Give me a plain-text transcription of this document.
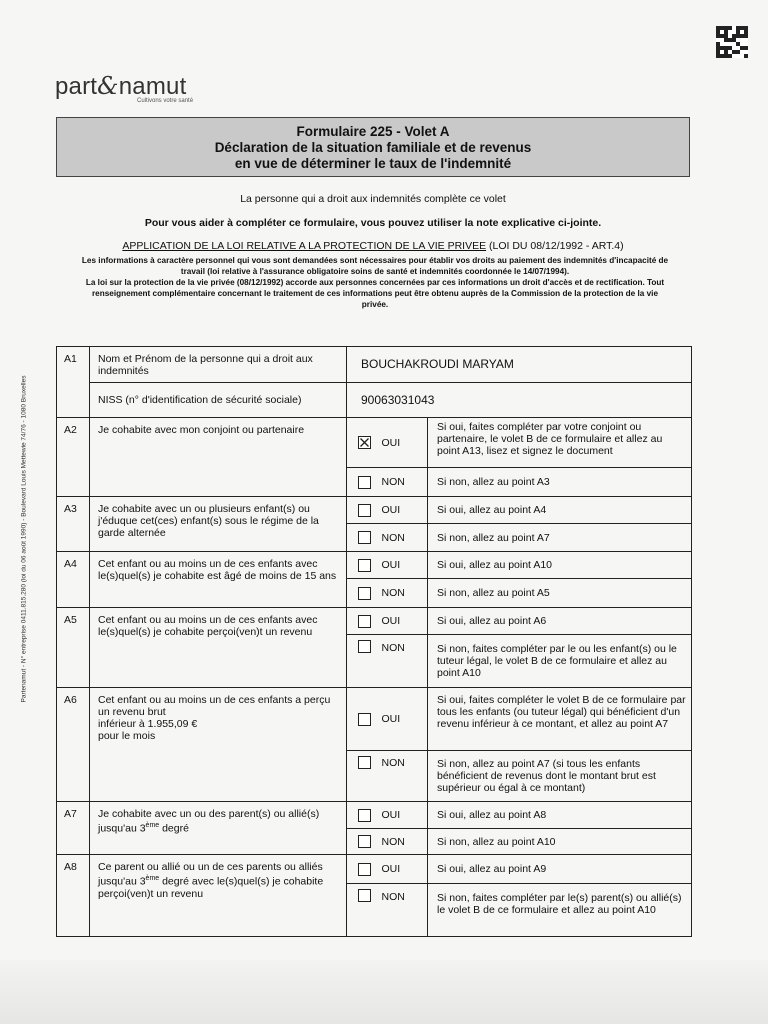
part&namut
Cultivons votre santé
Partenamut - N° entreprise 0411.815.280 (loi du 06 août 1990) - Boulevard Louis Mettewie 74/76 - 1080 Bruxelles
Formulaire 225 - Volet A
Déclaration de la situation familiale et de revenus
en vue de déterminer le taux de l'indemnité
La personne qui a droit aux indemnités complète ce volet
Pour vous aider à compléter ce formulaire, vous pouvez utiliser la note explicative ci-jointe.
APPLICATION DE LA LOI RELATIVE A LA PROTECTION DE LA VIE PRIVEE (LOI DU 08/12/1992 - ART.4)
Les informations à caractère personnel qui vous sont demandées sont nécessaires pour établir vos droits au paiement des indemnités d'incapacité de travail (loi relative à l'assurance obligatoire soins de santé et indemnités coordonnée le 14/07/1994).
La loi sur la protection de la vie privée (08/12/1992) accorde aux personnes concernées par ces informations un droit d'accès et de rectification. Tout renseignement complémentaire concernant le traitement de ces informations peut être obtenu auprès de la Commission de la protection de la vie privée.
A1	Nom et Prénom de la personne qui a droit aux indemnités	BOUCHAKROUDI MARYAM		
	NISS (n° d'identification de sécurité sociale)	90063031043		
A2	Je cohabite avec mon conjoint ou partenaire		OUI	Si oui, faites compléter par votre conjoint ou partenaire, le volet B de ce formulaire et allez au point A13, lisez et signez le document
			NON	Si non, allez au point A3
A3	Je cohabite avec un ou plusieurs enfant(s) ou j'éduque cet(ces) enfant(s) sous le régime de la garde alternée		OUI	Si oui, allez au point A4
			NON	Si non, allez au point A7
A4	Cet enfant ou au moins un de ces enfants avec le(s)quel(s) je cohabite est âgé de moins de 15 ans		OUI	Si oui, allez au point A10
			NON	Si non, allez au point A5
A5	Cet enfant ou au moins un de ces enfants avec le(s)quel(s) je cohabite perçoi(ven)t un revenu		OUI	Si oui, allez au point A6
			NON	Si non, faites compléter par le ou les enfant(s) ou le tuteur légal, le volet B de ce formulaire et allez au point A10
A6	Cet enfant ou au moins un de ces enfants a perçu un revenu brut
inférieur à 1.955,09 €
pour le mois		OUI	Si oui, faites compléter le volet B de ce formulaire par tous les enfants (ou tuteur légal) qui bénéficient d'un revenu inférieur à ce montant, et allez au point A7
			NON	Si non, allez au point A7 (si tous les enfants bénéficient de revenus dont le montant brut est supérieur ou égal à ce montant)
A7	Je cohabite avec un ou des parent(s) ou allié(s) jusqu'au 3ème degré		OUI	Si oui, allez au point A8
			NON	Si non, allez au point A10
A8	Ce parent ou allié ou un de ces parents ou alliés jusqu'au 3ème degré avec le(s)quel(s) je cohabite perçoi(ven)t un revenu		OUI	Si oui, allez au point A9
			NON	Si non, faites compléter par le(s) parent(s) ou allié(s) le volet B de ce formulaire et allez au point A10
